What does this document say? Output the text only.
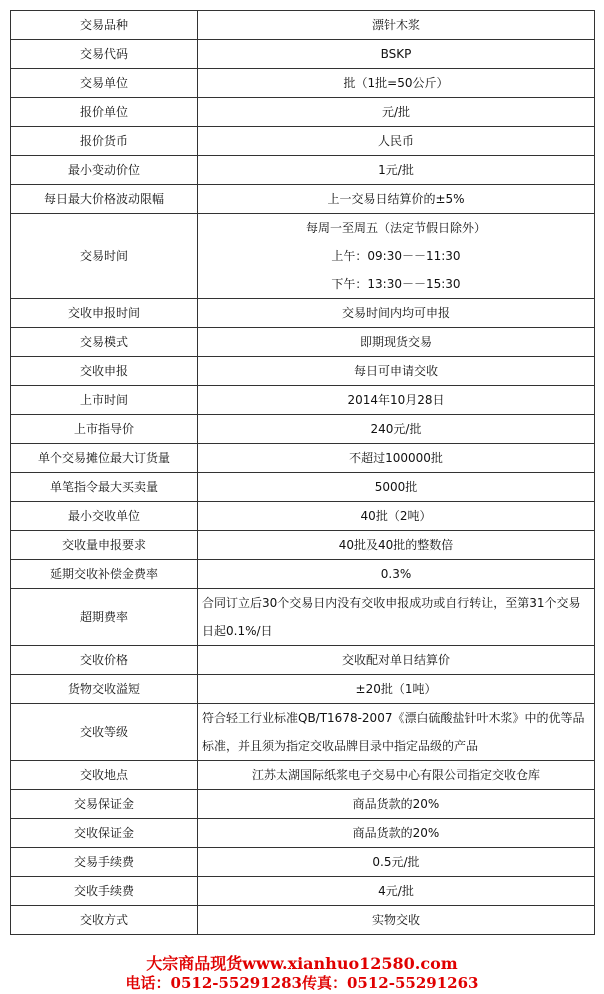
交易品种	漂针木浆
交易代码	BSKP
交易单位	批（1批=50公斤）
报价单位	元/批
报价货币	人民币
最小变动价位	1元/批
每日最大价格波动限幅	上一交易日结算价的±5%
交易时间	每周一至周五（法定节假日除外）
上午：09:30－－11:30
下午：13:30－－15:30

交收申报时间	交易时间内均可申报
交易模式	即期现货交易
交收申报	每日可申请交收
上市时间	2014年10月28日
上市指导价	240元/批
单个交易摊位最大订货量	不超过100000批
单笔指令最大买卖量	5000批
最小交收单位	40批（2吨）
交收量申报要求	40批及40批的整数倍
延期交收补偿金费率	0.3%
超期费率	合同订立后30个交易日内没有交收申报成功或自行转让，至第31个交易日起0.1%/日
交收价格	交收配对单日结算价
货物交收溢短	±20批（1吨）
交收等级	符合轻工行业标准QB/T1678-2007《漂白硫酸盐针叶木浆》中的优等品标准，并且须为指定交收品牌目录中指定品级的产品
交收地点	江苏太湖国际纸浆电子交易中心有限公司指定交收仓库
交易保证金	商品货款的20%
交收保证金	商品货款的20%
交易手续费	0.5元/批
交收手续费	4元/批
交收方式	实物交收
大宗商品现货www.xianhuo12580.com
电话：0512-55291283传真：0512-55291263
